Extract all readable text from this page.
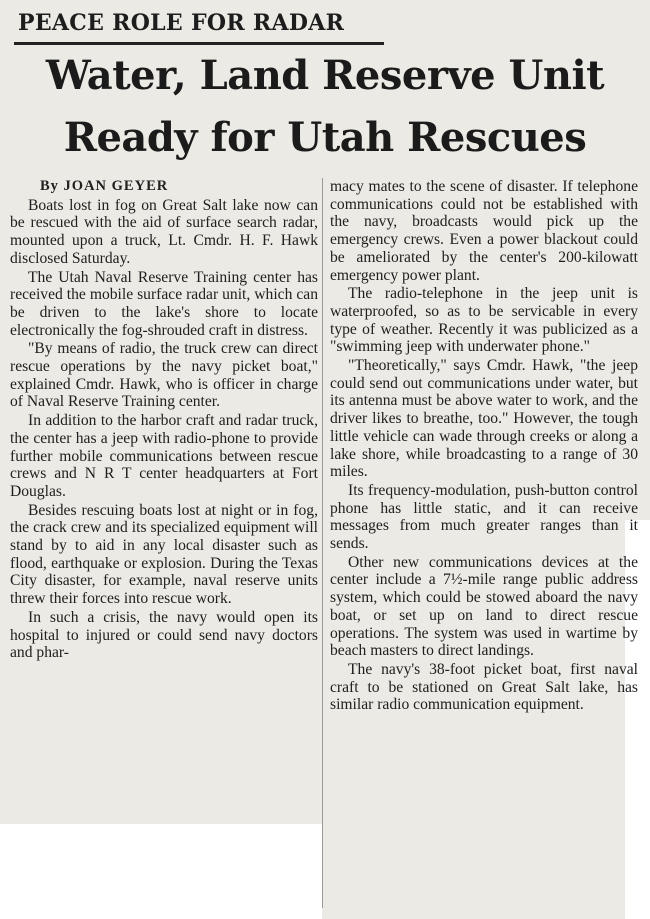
PEACE ROLE FOR RADAR
Water, Land Reserve Unit
Ready for Utah Rescues

By JOAN GEYER

Boats lost in fog on Great Salt lake now can be rescued with the aid of surface search radar, mounted upon a truck, Lt. Cmdr. H. F. Hawk disclosed Saturday.

The Utah Naval Reserve Training center has received the mobile surface radar unit, which can be driven to the lake's shore to locate electronically the fog-shrouded craft in distress.

"By means of radio, the truck crew can direct rescue operations by the navy picket boat," explained Cmdr. Hawk, who is officer in charge of Naval Reserve Training center.

In addition to the harbor craft and radar truck, the center has a jeep with radio-phone to provide further mobile communications between rescue crews and N R T center headquarters at Fort Douglas.

Besides rescuing boats lost at night or in fog, the crack crew and its specialized equipment will stand by to aid in any local disaster such as flood, earthquake or explosion. During the Texas City disaster, for example, naval reserve units threw their forces into rescue work.

In such a crisis, the navy would open its hospital to injured or could send navy doctors and phar-

macy mates to the scene of disaster. If telephone communications could not be established with the navy, broadcasts would pick up the emergency crews. Even a power blackout could be ameliorated by the center's 200-kilowatt emergency power plant.

The radio-telephone in the jeep unit is waterproofed, so as to be servicable in every type of weather. Recently it was publicized as a "swimming jeep with underwater phone."

"Theoretically," says Cmdr. Hawk, "the jeep could send out communications under water, but its antenna must be above water to work, and the driver likes to breathe, too." However, the tough little vehicle can wade through creeks or along a lake shore, while broadcasting to a range of 30 miles.

Its frequency-modulation, push-button control phone has little static, and it can receive messages from much greater ranges than it sends.

Other new communications devices at the center include a 7½-mile range public address system, which could be stowed aboard the navy boat, or set up on land to direct rescue operations. The system was used in wartime by beach masters to direct landings.

The navy's 38-foot picket boat, first naval craft to be stationed on Great Salt lake, has similar radio communication equipment.
